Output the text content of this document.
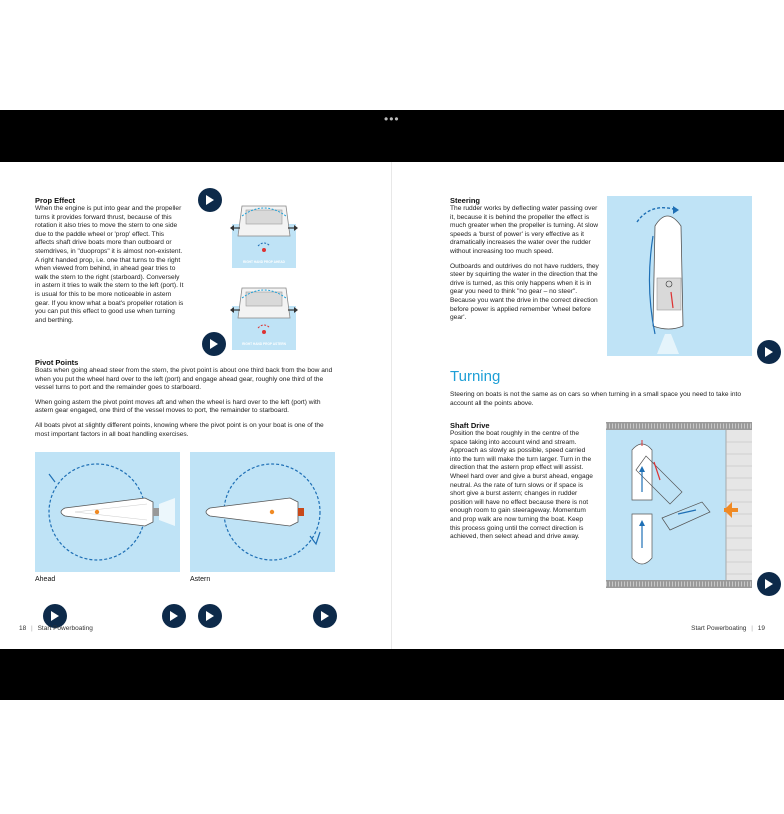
•••
Prop Effect

When the engine is put into gear and the propeller turns it provides forward thrust, because of this rotation it also tries to move the stern to one side due to the paddle wheel or 'prop' effect. This affects shaft drive boats more than outboard or stemdrives, in "duoprops" it is almost non-existent. A right handed prop, i.e. one that turns to the right when viewed from behind, in ahead gear tries to walk the stern to the right (starboard). Conversely in astern it tries to walk the stern to the left (port). It is usual for this to be more noticeable in astern gear. If you know what a boat's propeller rotation is you can put this effect to good use when turning and berthing.

RIGHT HAND PROP AHEAD
RIGHT HAND PROP ASTERN
Pivot Points

Boats when going ahead steer from the stern, the pivot point is about one third back from the bow and when you put the wheel hard over to the left (port) and engage ahead gear, roughly one third of the vessel turns to port and the remainder goes to starboard.

When going astern the pivot point moves aft and when the wheel is hard over to the left (port) with astern gear engaged, one third of the vessel moves to port, the remainder to starboard.

All boats pivot at slightly different points, knowing where the pivot point is on your boat is one of the most important factors in all boat handling exercises.

Ahead	Astern
18 | Start Powerboating
Steering

The rudder works by deflecting water passing over it, because it is behind the propeller the effect is much greater when the propeller is turning. At slow speeds a 'burst of power' is very effective as it dramatically increases the water over the rudder without increasing too much speed.

Outboards and outdrives do not have rudders, they steer by squirting the water in the direction that the drive is turned, as this only happens when it is in gear you need to think "no gear – no steer". Because you want the drive in the correct direction before power is applied remember 'wheel before gear'.

Turning

Steering on boats is not the same as on cars so when turning in a small space you need to take into account all the points above.

Shaft Drive

Position the boat roughly in the centre of the space taking into account wind and stream. Approach as slowly as possible, speed carried into the turn will make the turn larger. Turn in the direction that the astern prop effect will assist. Wheel hard over and give a burst ahead, engage neutral. As the rate of turn slows or if space is short give a burst astern; changes in rudder position will have no effect because there is not enough room to gain steerageway. Momentum and prop walk are now turning the boat. Keep this process going until the correct direction is achieved, then select ahead and drive away.

Start Powerboating | 19
